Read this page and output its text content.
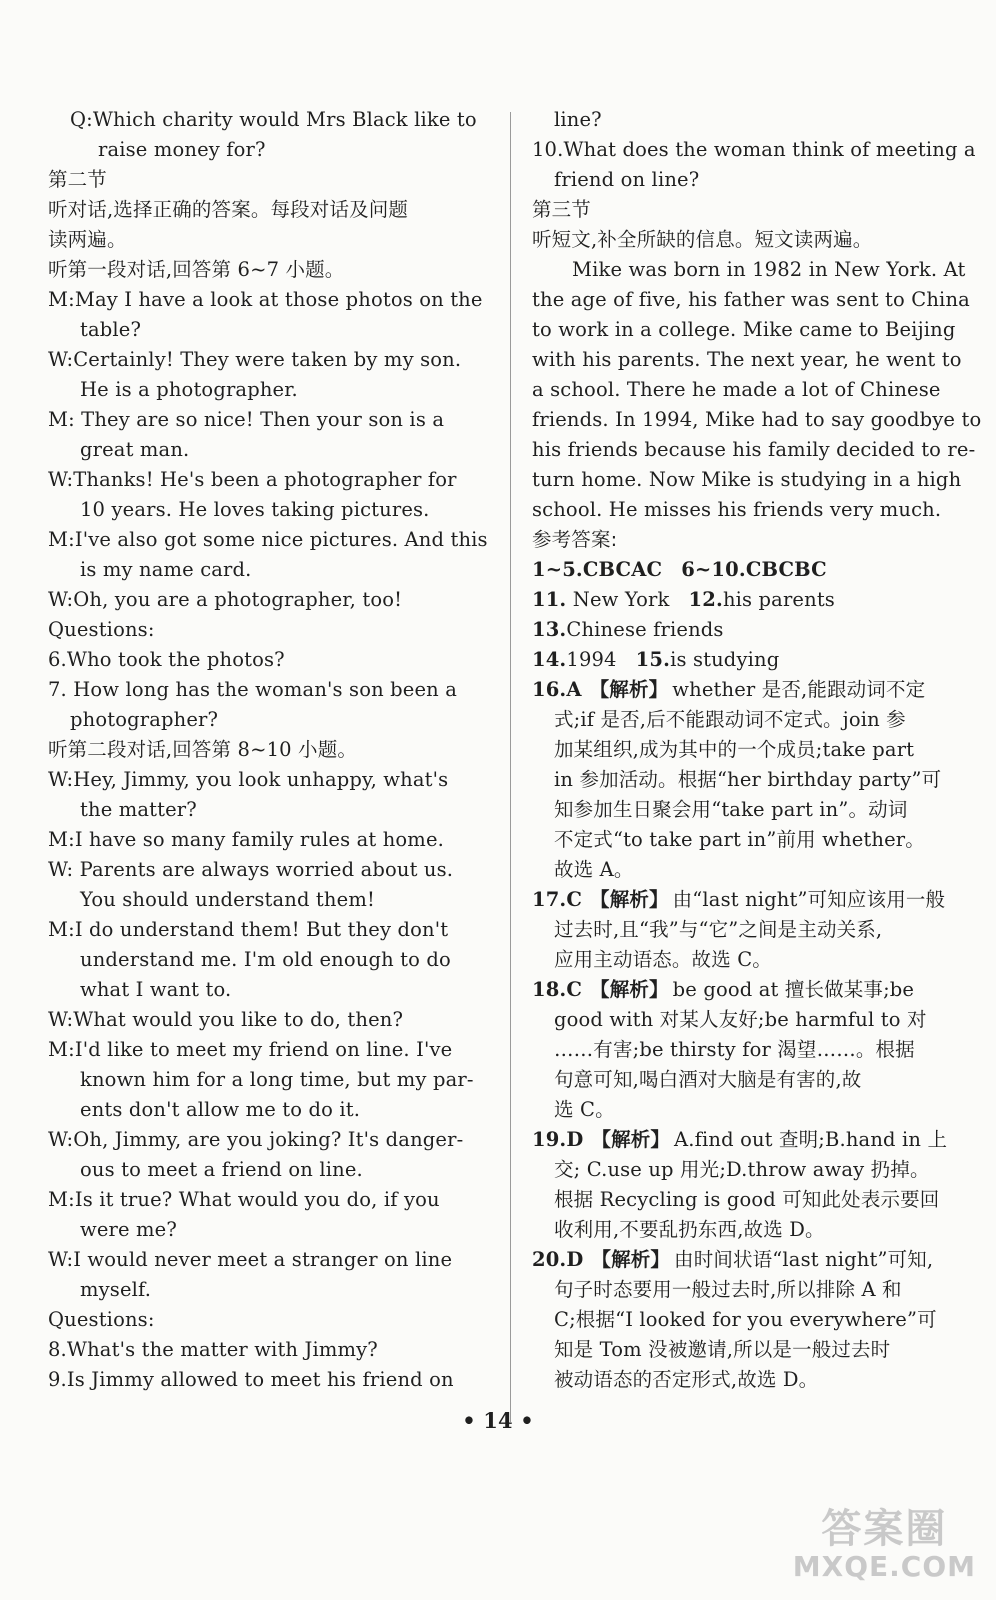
Q:Which charity would Mrs Black like to
raise money for?
第二节
听对话,选择正确的答案。每段对话及问题
读两遍。
听第一段对话,回答第 6~7 小题。
M:May I have a look at those photos on the
table?
W:Certainly! They were taken by my son.
He is a photographer.
M: They are so nice! Then your son is a
great man.
W:Thanks! He's been a photographer for
10 years. He loves taking pictures.
M:I've also got some nice pictures. And this
is my name card.
W:Oh, you are a photographer, too!
Questions:
6.Who took the photos?
7. How long has the woman's son been a
photographer?
听第二段对话,回答第 8~10 小题。
W:Hey, Jimmy, you look unhappy, what's
the matter?
M:I have so many family rules at home.
W: Parents are always worried about us.
You should understand them!
M:I do understand them! But they don't
understand me. I'm old enough to do
what I want to.
W:What would you like to do, then?
M:I'd like to meet my friend on line. I've
known him for a long time, but my par-
ents don't allow me to do it.
W:Oh, Jimmy, are you joking? It's danger-
ous to meet a friend on line.
M:Is it true? What would you do, if you
were me?
W:I would never meet a stranger on line
myself.
Questions:
8.What's the matter with Jimmy?
9.Is Jimmy allowed to meet his friend on
line?
10.What does the woman think of meeting a
friend on line?
第三节
听短文,补全所缺的信息。短文读两遍。
Mike was born in 1982 in New York. At
the age of five, his father was sent to China
to work in a college. Mike came to Beijing
with his parents. The next year, he went to
a school. There he made a lot of Chinese
friends. In 1994, Mike had to say goodbye to
his friends because his family decided to re-
turn home. Now Mike is studying in a high
school. He misses his friends very much.
参考答案:
1~5.CBCAC 6~10.CBCBC
11. New York 12.his parents
13.Chinese friends
14.1994 15.is studying
16.A 【解析】 whether 是否,能跟动词不定
式;if 是否,后不能跟动词不定式。join 参
加某组织,成为其中的一个成员;take part
in 参加活动。根据“her birthday party”可
知参加生日聚会用“take part in”。动词
不定式“to take part in”前用 whether。
故选 A。
17.C 【解析】 由“last night”可知应该用一般
过去时,且“我”与“它”之间是主动关系,
应用主动语态。故选 C。
18.C 【解析】 be good at 擅长做某事;be
good with 对某人友好;be harmful to 对
……有害;be thirsty for 渴望……。根据
句意可知,喝白酒对大脑是有害的,故
选 C。
19.D 【解析】 A.find out 查明;B.hand in 上
交; C.use up 用光;D.throw away 扔掉。
根据 Recycling is good 可知此处表示要回
收利用,不要乱扔东西,故选 D。
20.D 【解析】 由时间状语“last night”可知,
句子时态要用一般过去时,所以排除 A 和
C;根据“I looked for you everywhere”可
知是 Tom 没被邀请,所以是一般过去时
被动语态的否定形式,故选 D。
• 14 •
答案圈
MXQE.COM
